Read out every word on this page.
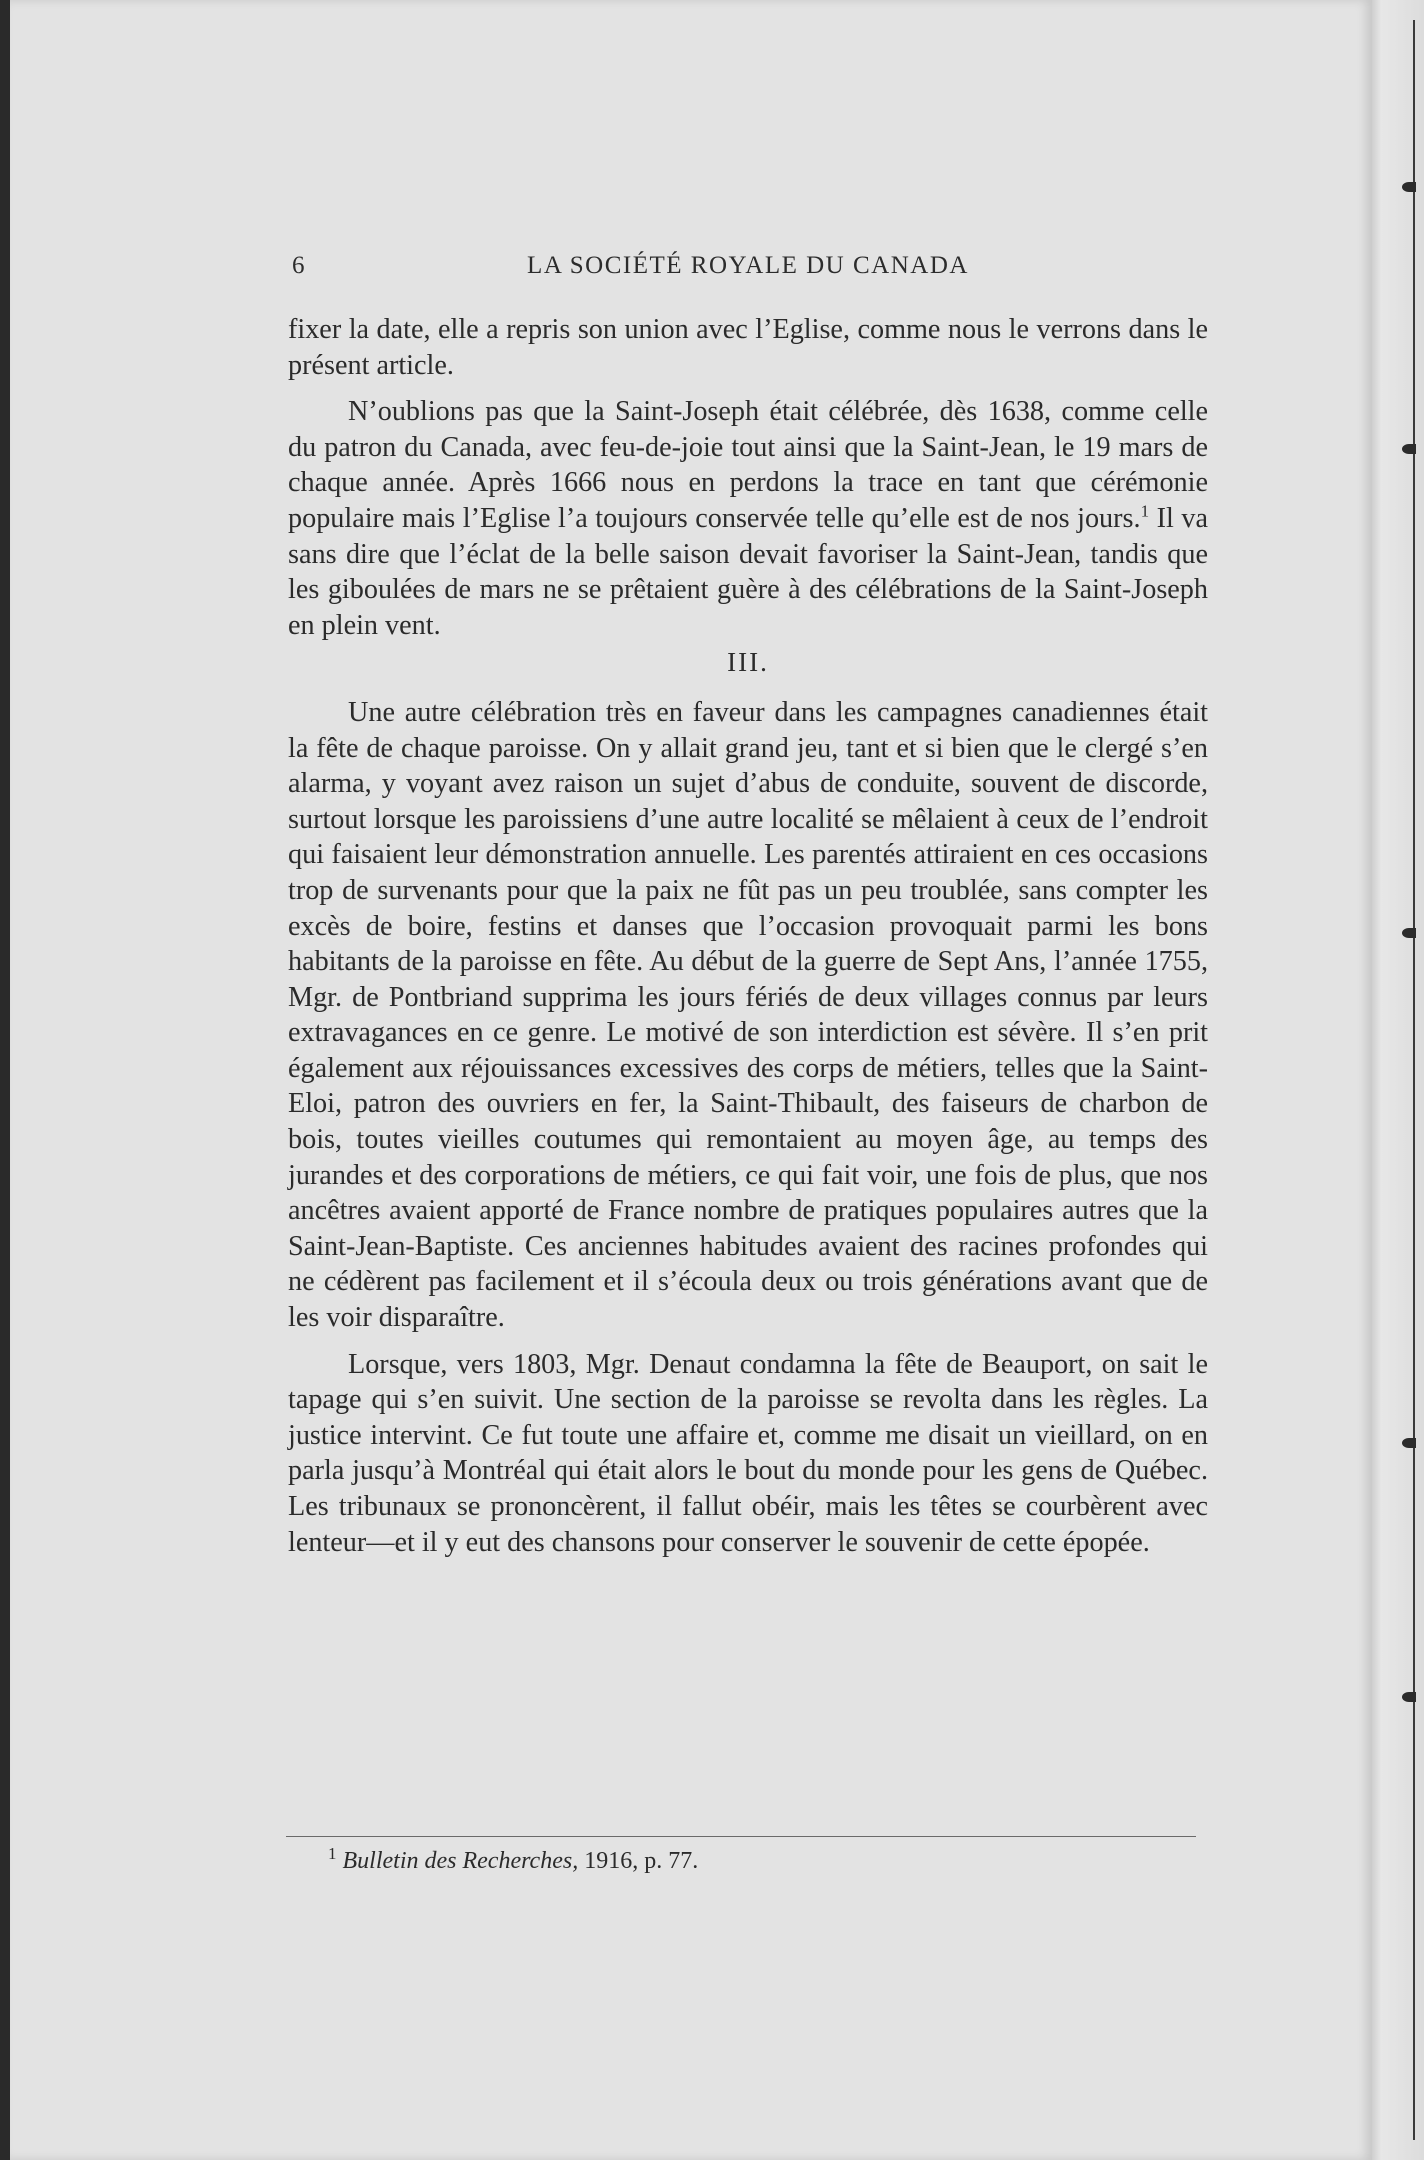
6	LA SOCIÉTÉ ROYALE DU CANADA

fixer la date, elle a repris son union avec l’Eglise, comme nous le verrons dans le présent article.

N’oublions pas que la Saint-Joseph était célébrée, dès 1638, comme celle du patron du Canada, avec feu-de-joie tout ainsi que la Saint-Jean, le 19 mars de chaque année. Après 1666 nous en perdons la trace en tant que cérémonie populaire mais l’Eglise l’a toujours conservée telle qu’elle est de nos jours.$^1$ Il va sans dire que l’éclat de la belle saison devait favoriser la Saint-Jean, tandis que les giboulées de mars ne se prêtaient guère à des célébrations de la Saint-Joseph en plein vent.

III.

Une autre célébration très en faveur dans les campagnes canadiennes était la fête de chaque paroisse. On y allait grand jeu, tant et si bien que le clergé s’en alarma, y voyant avez raison un sujet d’abus de conduite, souvent de discorde, surtout lorsque les paroissiens d’une autre localité se mêlaient à ceux de l’endroit qui faisaient leur démonstration annuelle. Les parentés attiraient en ces occasions trop de survenants pour que la paix ne fût pas un peu troublée, sans compter les excès de boire, festins et danses que l’occasion provoquait parmi les bons habitants de la paroisse en fête. Au début de la guerre de Sept Ans, l’année 1755, Mgr. de Pontbriand supprima les jours fériés de deux villages connus par leurs extravagances en ce genre. Le motivé de son interdiction est sévère. Il s’en prit également aux réjouissances excessives des corps de métiers, telles que la Saint-Eloi, patron des ouvriers en fer, la Saint-Thibault, des faiseurs de charbon de bois, toutes vieilles coutumes qui remontaient au moyen âge, au temps des jurandes et des corporations de métiers, ce qui fait voir, une fois de plus, que nos ancêtres avaient apporté de France nombre de pratiques populaires autres que la Saint-Jean-Baptiste. Ces anciennes habitudes avaient des racines profondes qui ne cédèrent pas facilement et il s’écoula deux ou trois générations avant que de les voir disparaître.

Lorsque, vers 1803, Mgr. Denaut condamna la fête de Beauport, on sait le tapage qui s’en suivit. Une section de la paroisse se revolta dans les règles. La justice intervint. Ce fut toute une affaire et, comme me disait un vieillard, on en parla jusqu’à Montréal qui était alors le bout du monde pour les gens de Québec. Les tribunaux se prononcèrent, il fallut obéir, mais les têtes se courbèrent avec lenteur—et il y eut des chansons pour conserver le souvenir de cette épopée.

$^1$ Bulletin des Recherches, 1916, p. 77.
